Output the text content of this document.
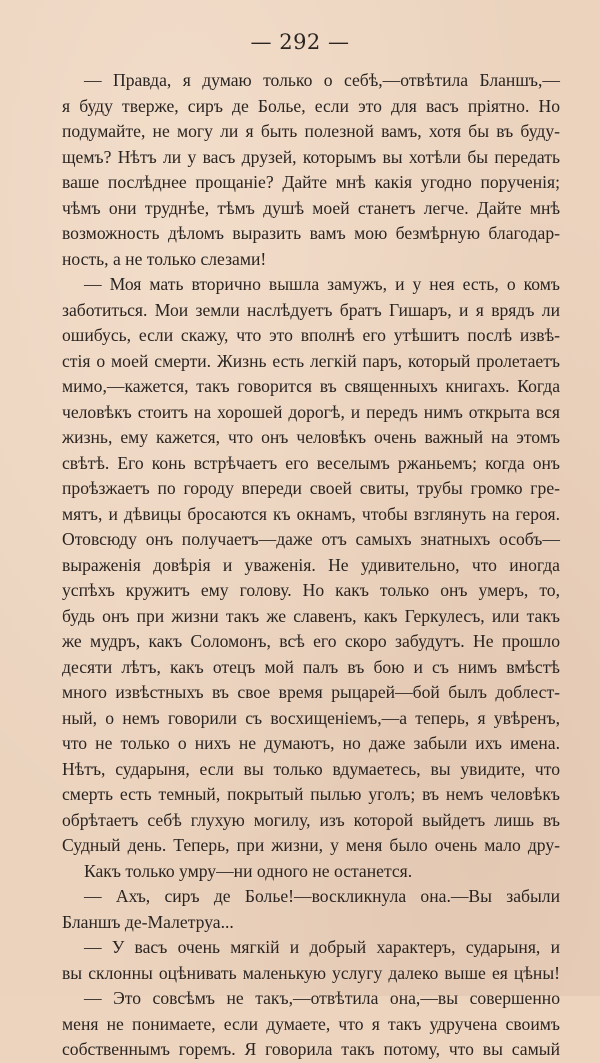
— 292 —
— Правда, я думаю только о себѣ,—отвѣтила Бланшъ,—
я буду тверже, сиръ де Болье, если это для васъ пріятно. Но
подумайте, не могу ли я быть полезной вамъ, хотя бы въ буду-
щемъ? Нѣтъ ли у васъ друзей, которымъ вы хотѣли бы передать
ваше послѣднее прощаніе? Дайте мнѣ какія угодно порученія;
чѣмъ они труднѣе, тѣмъ душѣ моей станетъ легче. Дайте мнѣ
возможность дѣломъ выразить вамъ мою безмѣрную благодар-
ность, а не только слезами!
— Моя мать вторично вышла замужъ, и у нея есть, о комъ
заботиться. Мои земли наслѣдуетъ братъ Гишаръ, и я врядъ ли
ошибусь, если скажу, что это вполнѣ его утѣшитъ послѣ извѣ-
стія о моей смерти. Жизнь есть легкій паръ, который пролетаетъ
мимо,—кажется, такъ говорится въ священныхъ книгахъ. Когда
человѣкъ стоитъ на хорошей дорогѣ, и передъ нимъ открыта вся
жизнь, ему кажется, что онъ человѣкъ очень важный на этомъ
свѣтѣ. Его конь встрѣчаетъ его веселымъ ржаньемъ; когда онъ
проѣзжаетъ по городу впереди своей свиты, трубы громко гре-
мятъ, и дѣвицы бросаются къ окнамъ, чтобы взглянуть на героя.
Отовсюду онъ получаетъ—даже отъ самыхъ знатныхъ особъ—
выраженія довѣрія и уваженія. Не удивительно, что иногда
успѣхъ кружитъ ему голову. Но какъ только онъ умеръ, то,
будь онъ при жизни такъ же славенъ, какъ Геркулесъ, или такъ
же мудръ, какъ Соломонъ, всѣ его скоро забудутъ. Не прошло
десяти лѣтъ, какъ отецъ мой палъ въ бою и съ нимъ вмѣстѣ
много извѣстныхъ въ свое время рыцарей—бой былъ доблест-
ный, о немъ говорили съ восхищеніемъ,—а теперь, я увѣренъ,
что не только о нихъ не думаютъ, но даже забыли ихъ имена.
Нѣтъ, сударыня, если вы только вдумаетесь, вы увидите, что
смерть есть темный, покрытый пылью уголъ; въ немъ человѣкъ
обрѣтаетъ себѣ глухую могилу, изъ которой выйдетъ лишь въ
Судный день. Теперь, при жизни, у меня было очень мало дру-
Какъ только умру—ни одного не останется.
— Ахъ, сиръ де Болье!—воскликнула она.—Вы забыли
Бланшъ де-Малетруа...
— У васъ очень мягкій и добрый характеръ, сударыня, и
вы склонны оцѣнивать маленькую услугу далеко выше ея цѣны!
— Это совсѣмъ не такъ,—отвѣтила она,—вы совершенно
меня не понимаете, если думаете, что я такъ удручена своимъ
собственнымъ горемъ. Я говорила такъ потому, что вы самый
